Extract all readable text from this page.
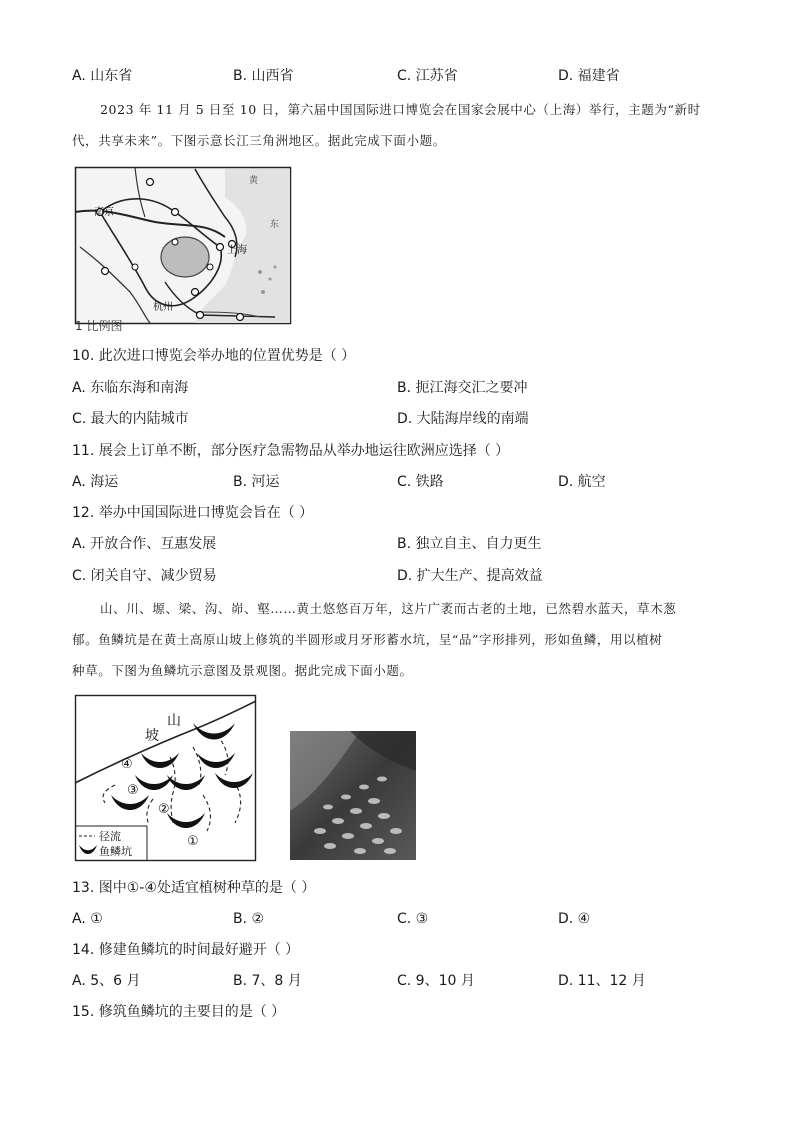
A. 山东省	B. 山西省	C. 江苏省	D. 福建省
2023 年 11 月 5 日至 10 日，第六届中国国际进口博览会在国家会展中心（上海）举行，主题为“新时
代，共享未来”。下图示意长江三角洲地区。据此完成下面小题。
南京
上海
杭州
黄
东
1 比例图
10. 此次进口博览会举办地的位置优势是（ ）
A. 东临东海和南海	B. 扼江海交汇之要冲
C. 最大的内陆城市	D. 大陆海岸线的南端
11. 展会上订单不断，部分医疗急需物品从举办地运往欧洲应选择（ ）
A. 海运	B. 河运	C. 铁路	D. 航空
12. 举办中国国际进口博览会旨在（ ）
A. 开放合作、互惠发展	B. 独立自主、自力更生
C. 闭关自守、减少贸易	D. 扩大生产、提高效益
山、川、塬、梁、沟、峁、壑……黄土悠悠百万年，这片广袤而古老的土地，已然碧水蓝天，草木葱
郁。鱼鳞坑是在黄土高原山坡上修筑的半圆形或月牙形蓄水坑，呈“品”字形排列，形如鱼鳞，用以植树
种草。下图为鱼鳞坑示意图及景观图。据此完成下面小题。
坡
山
④
③
②
①
径流
鱼鳞坑
13. 图中①-④处适宜植树种草的是（ ）
A. ①	B. ②	C. ③	D. ④
14. 修建鱼鳞坑的时间最好避开（ ）
A. 5、6 月	B. 7、8 月	C. 9、10 月	D. 11、12 月
15. 修筑鱼鳞坑的主要目的是（ ）
